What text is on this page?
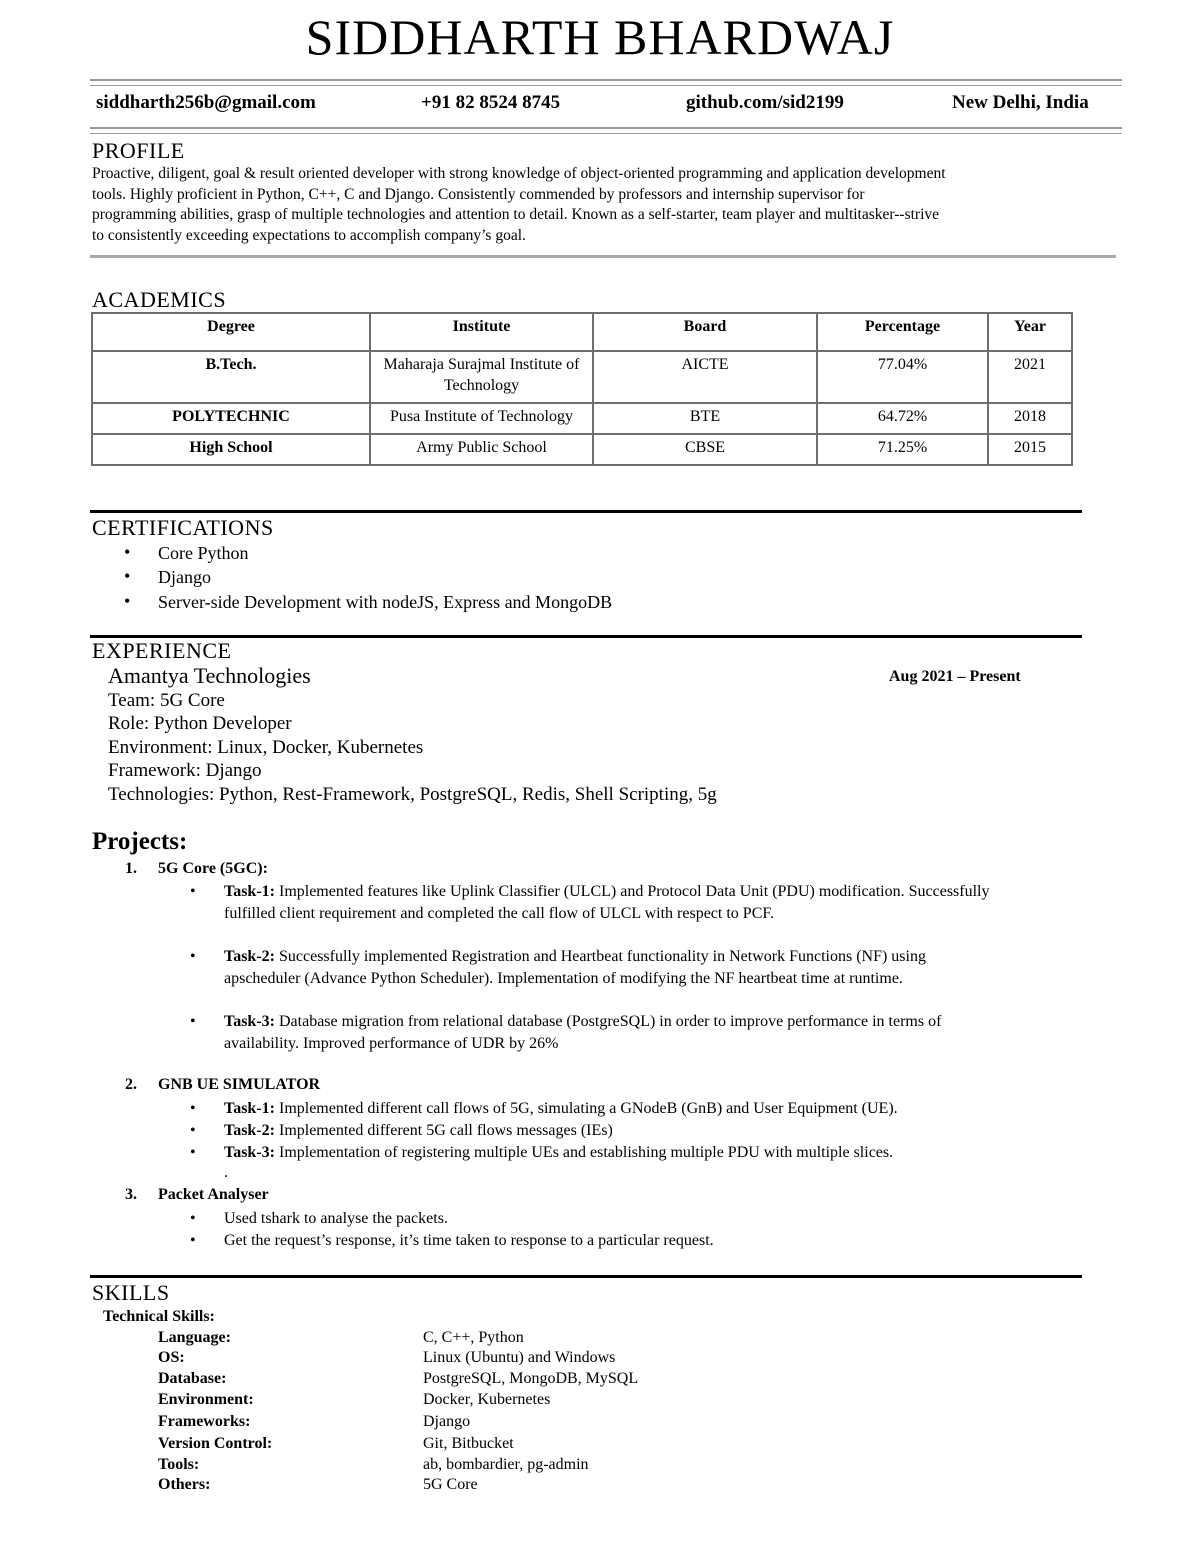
SIDDHARTH BHARDWAJ
siddharth256b@gmail.com	+91 82 8524 8745	github.com/sid2199	New Delhi, India
PROFILE
Proactive, diligent, goal & result oriented developer with strong knowledge of object-oriented programming and application development
tools. Highly proficient in Python, C++, C and Django. Consistently commended by professors and internship supervisor for
programming abilities, grasp of multiple technologies and attention to detail. Known as a self-starter, team player and multitasker--strive
to consistently exceeding expectations to accomplish company’s goal.
ACADEMICS
Degree	Institute	Board	Percentage	Year
B.Tech.	Maharaja Surajmal Institute of Technology	AICTE	77.04%	2021
POLYTECHNIC	Pusa Institute of Technology	BTE	64.72%	2018
High School	Army Public School	CBSE	71.25%	2015
CERTIFICATIONS
• Core Python
• Django
• Server-side Development with nodeJS, Express and MongoDB
EXPERIENCE
Amantya Technologies	Aug 2021 – Present
Team: 5G Core
Role: Python Developer
Environment: Linux, Docker, Kubernetes
Framework: Django
Technologies: Python, Rest-Framework, PostgreSQL, Redis, Shell Scripting, 5g
Projects:
1. 5G Core (5GC):
• Task-1: Implemented features like Uplink Classifier (ULCL) and Protocol Data Unit (PDU) modification. Successfully
fulfilled client requirement and completed the call flow of ULCL with respect to PCF.
• Task-2: Successfully implemented Registration and Heartbeat functionality in Network Functions (NF) using
apscheduler (Advance Python Scheduler). Implementation of modifying the NF heartbeat time at runtime.
• Task-3: Database migration from relational database (PostgreSQL) in order to improve performance in terms of
availability. Improved performance of UDR by 26%
2. GNB UE SIMULATOR
• Task-1: Implemented different call flows of 5G, simulating a GNodeB (GnB) and User Equipment (UE).
• Task-2: Implemented different 5G call flows messages (IEs)
• Task-3: Implementation of registering multiple UEs and establishing multiple PDU with multiple slices.
.
3. Packet Analyser
• Used tshark to analyse the packets.
• Get the request’s response, it’s time taken to response to a particular request.
SKILLS
Technical Skills:
Language:	C, C++, Python
OS:	Linux (Ubuntu) and Windows
Database:	PostgreSQL, MongoDB, MySQL
Environment:	Docker, Kubernetes
Frameworks:	Django
Version Control:	Git, Bitbucket
Tools:	ab, bombardier, pg-admin
Others:	5G Core
